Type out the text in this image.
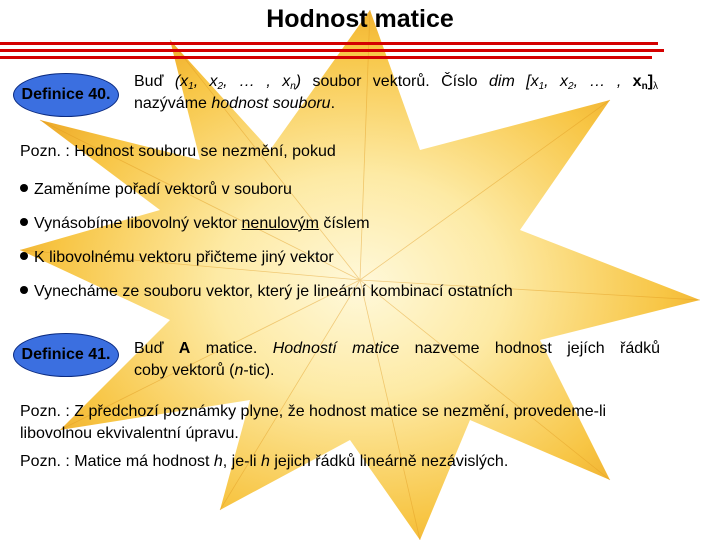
Hodnost matice
Definice 40.
Buď ($x_1$, $x_2$, … , $x_n$) soubor vektorů. Číslo dim [$x_1$, $x_2$, … , $x_n]_\lambda$
nazýváme hodnost souboru.
Pozn. : Hodnost souboru se nezmění, pokud
Zaměníme pořadí vektorů v souboru
Vynásobíme libovolný vektor nenulovým číslem
K libovolnému vektoru přičteme jiný vektor
Vynecháme ze souboru vektor, který je lineární kombinací ostatních
Definice 41.	Buď A matice. Hodností matice nazveme hodnost jejích řádků
coby vektorů (n-tic).
Pozn. : Z předchozí poznámky plyne, že hodnost matice se nezmění, provedeme-li
libovolnou ekvivalentní úpravu.
Pozn. : Matice má hodnost h, je-li h jejich řádků lineárně nezávislých.
